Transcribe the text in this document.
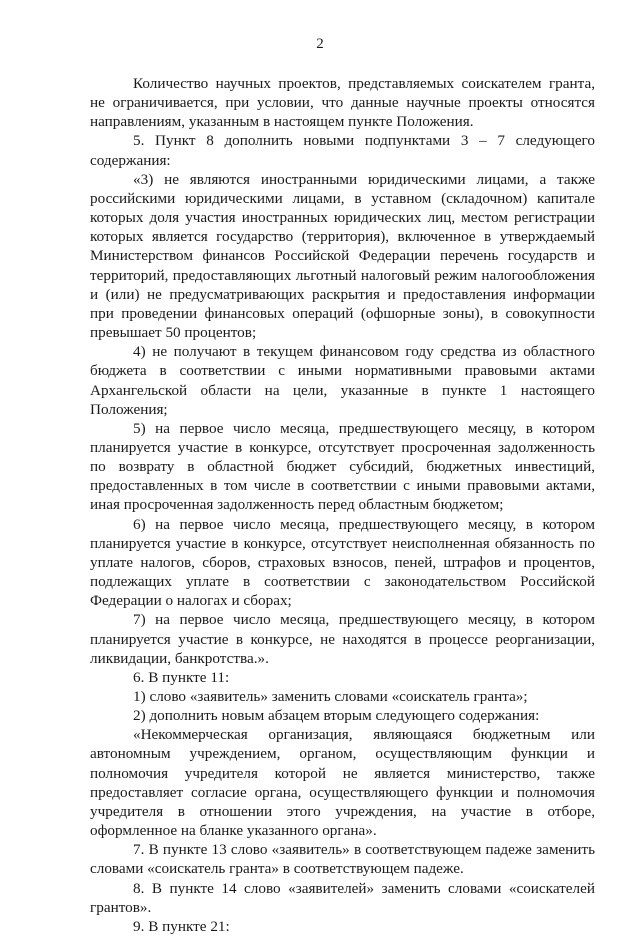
2

Количество научных проектов, представляемых соискателем гранта, не ограничивается, при условии, что данные научные проекты относятся направлениям, указанным в настоящем пункте Положения.

5. Пункт 8 дополнить новыми подпунктами 3 – 7 следующего содержания:

«3) не являются иностранными юридическими лицами, а также российскими юридическими лицами, в уставном (складочном) капитале которых доля участия иностранных юридических лиц, местом регистрации которых является государство (территория), включенное в утверждаемый Министерством финансов Российской Федерации перечень государств и территорий, предоставляющих льготный налоговый режим налогообложения и (или) не предусматривающих раскрытия и предоставления информации при проведении финансовых операций (офшорные зоны), в совокупности превышает 50 процентов;

4) не получают в текущем финансовом году средства из областного бюджета в соответствии с иными нормативными правовыми актами Архангельской области на цели, указанные в пункте 1 настоящего Положения;

5) на первое число месяца, предшествующего месяцу, в котором планируется участие в конкурсе, отсутствует просроченная задолженность по возврату в областной бюджет субсидий, бюджетных инвестиций, предоставленных в том числе в соответствии с иными правовыми актами, иная просроченная задолженность перед областным бюджетом;

6) на первое число месяца, предшествующего месяцу, в котором планируется участие в конкурсе, отсутствует неисполненная обязанность по уплате налогов, сборов, страховых взносов, пеней, штрафов и процентов, подлежащих уплате в соответствии с законодательством Российской Федерации о налогах и сборах;

7) на первое число месяца, предшествующего месяцу, в котором планируется участие в конкурсе, не находятся в процессе реорганизации, ликвидации, банкротства.».

6. В пункте 11:

1) слово «заявитель» заменить словами «соискатель гранта»;

2) дополнить новым абзацем вторым следующего содержания:

«Некоммерческая организация, являющаяся бюджетным или автономным учреждением, органом, осуществляющим функции и полномочия учредителя которой не является министерство, также предоставляет согласие органа, осуществляющего функции и полномочия учредителя в отношении этого учреждения, на участие в отборе, оформленное на бланке указанного органа».

7. В пункте 13 слово «заявитель» в соответствующем падеже заменить словами «соискатель гранта» в соответствующем падеже.

8. В пункте 14 слово «заявителей» заменить словами «соискателей грантов».

9. В пункте 21:
